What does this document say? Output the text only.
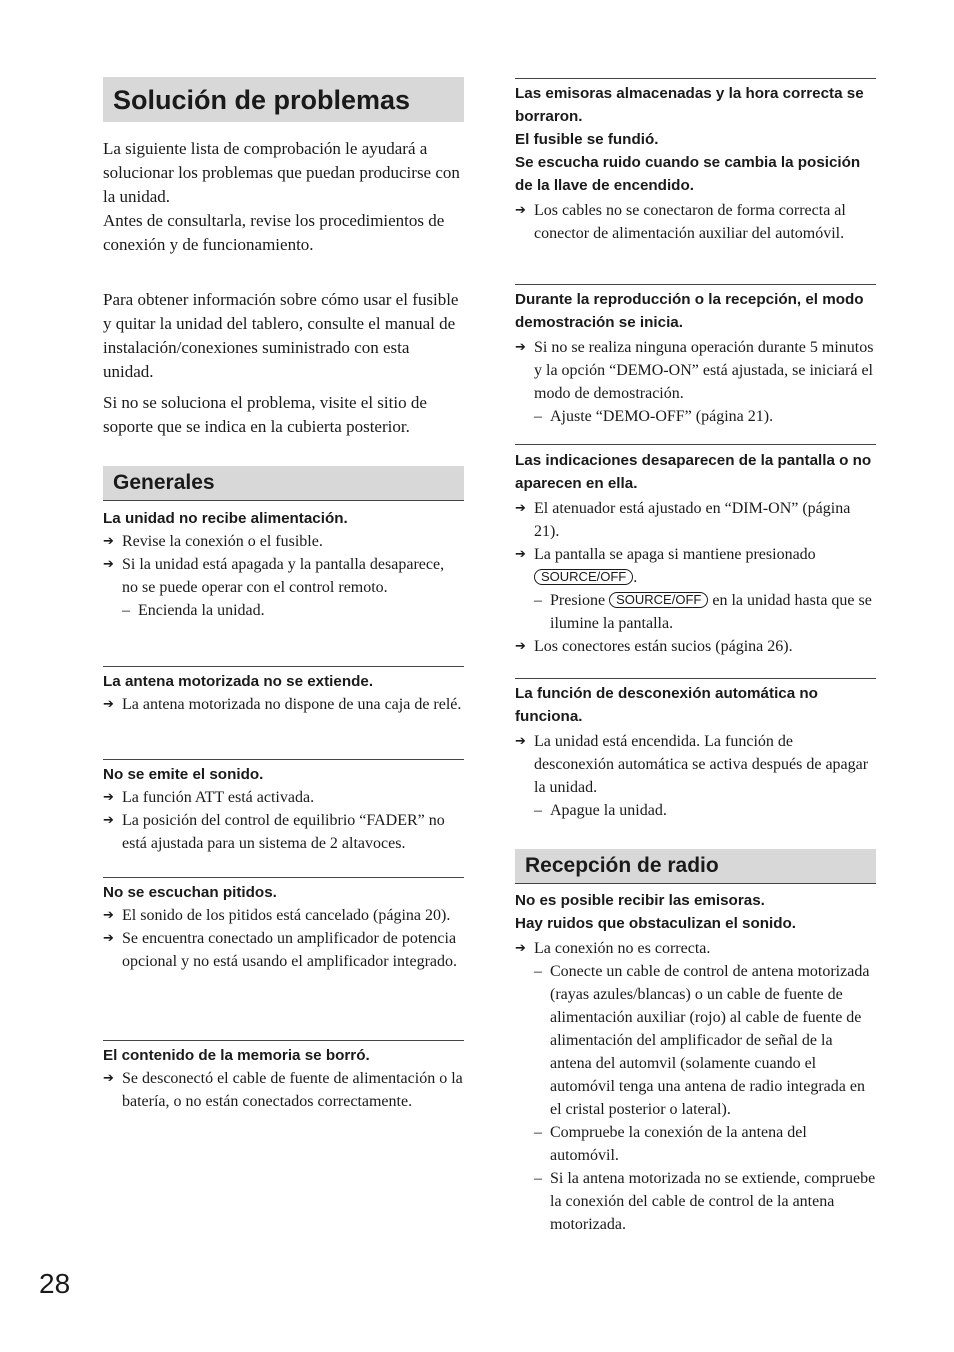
Solución de problemas

La siguiente lista de comprobación le ayudará a solucionar los problemas que puedan producirse con la unidad.

Antes de consultarla, revise los procedimientos de conexión y de funcionamiento.

Para obtener información sobre cómo usar el fusible y quitar la unidad del tablero, consulte el manual de instalación/conexiones suministrado con esta unidad.

Si no se soluciona el problema, visite el sitio de soporte que se indica en la cubierta posterior.

Generales

La unidad no recibe alimentación.

➔ Revise la conexión o el fusible.
➔ Si la unidad está apagada y la pantalla desaparece, no se puede operar con el control remoto.
– Encienda la unidad.

La antena motorizada no se extiende.

➔ La antena motorizada no dispone de una caja de relé.

No se emite el sonido.

➔ La función ATT está activada.
➔ La posición del control de equilibrio “FADER” no está ajustada para un sistema de 2 altavoces.

No se escuchan pitidos.

➔ El sonido de los pitidos está cancelado (página 20).
➔ Se encuentra conectado un amplificador de potencia opcional y no está usando el amplificador integrado.

El contenido de la memoria se borró.

➔ Se desconectó el cable de fuente de alimentación o la batería, o no están conectados correctamente.

Las emisoras almacenadas y la hora correcta se borraron.
El fusible se fundió.
Se escucha ruido cuando se cambia la posición de la llave de encendido.

➔ Los cables no se conectaron de forma correcta al conector de alimentación auxiliar del automóvil.

Durante la reproducción o la recepción, el modo demostración se inicia.

➔ Si no se realiza ninguna operación durante 5 minutos y la opción “DEMO-ON” está ajustada, se iniciará el modo de demostración.
– Ajuste “DEMO-OFF” (página 21).

Las indicaciones desaparecen de la pantalla o no aparecen en ella.

➔ El atenuador está ajustado en “DIM-ON” (página 21).
➔ La pantalla se apaga si mantiene presionado
SOURCE/OFF .
– Presione SOURCE/OFF en la unidad hasta que se ilumine la pantalla.
➔ Los conectores están sucios (página 26).

La función de desconexión automática no funciona.

➔ La unidad está encendida. La función de desconexión automática se activa después de apagar la unidad.
– Apague la unidad.
Recepción de radio

No es posible recibir las emisoras.
Hay ruidos que obstaculizan el sonido.

➔ La conexión no es correcta.
– Conecte un cable de control de antena motorizada (rayas azules/blancas) o un cable de fuente de alimentación auxiliar (rojo) al cable de fuente de alimentación del amplificador de señal de la antena del automvil (solamente cuando el automóvil tenga una antena de radio integrada en el cristal posterior o lateral).
– Compruebe la conexión de la antena del automóvil.
– Si la antena motorizada no se extiende, compruebe la conexión del cable de control de la antena motorizada.
28
